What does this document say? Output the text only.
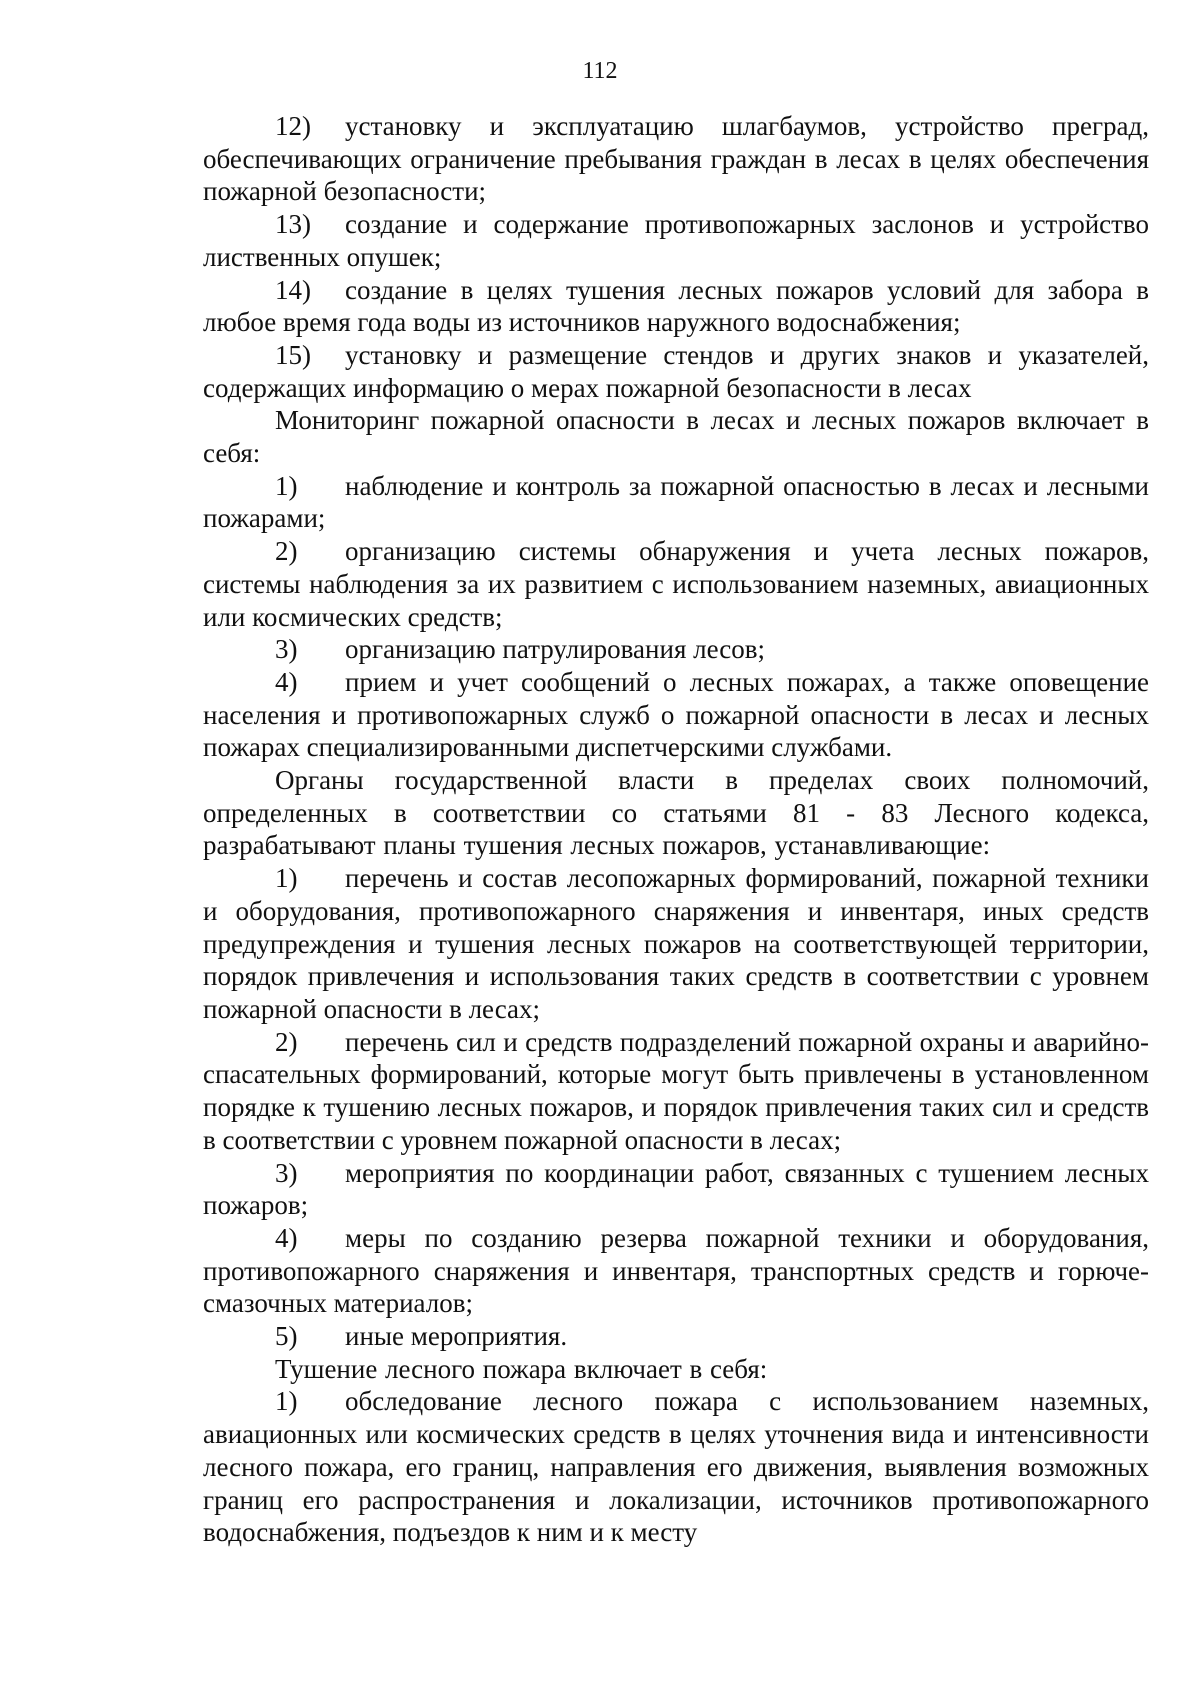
112

12) установку и эксплуатацию шлагбаумов, устройство преград, обеспечивающих ограничение пребывания граждан в лесах в целях обеспечения пожарной безопасности;

13) создание и содержание противопожарных заслонов и устройство лиственных опушек;

14) создание в целях тушения лесных пожаров условий для забора в любое время года воды из источников наружного водоснабжения;

15) установку и размещение стендов и других знаков и указателей, содержащих информацию о мерах пожарной безопасности в лесах

Мониторинг пожарной опасности в лесах и лесных пожаров включает в себя:

1) наблюдение и контроль за пожарной опасностью в лесах и лесными пожарами;

2) организацию системы обнаружения и учета лесных пожаров, системы наблюдения за их развитием с использованием наземных, авиационных или космических средств;

3) организацию патрулирования лесов;

4) прием и учет сообщений о лесных пожарах, а также оповещение населения и противопожарных служб о пожарной опасности в лесах и лесных пожарах специализированными диспетчерскими службами.

Органы государственной власти в пределах своих полномочий, определенных в соответствии со статьями 81 - 83 Лесного кодекса, разрабатывают планы тушения лесных пожаров, устанавливающие:

1) перечень и состав лесопожарных формирований, пожарной техники и оборудования, противопожарного снаряжения и инвентаря, иных средств предупреждения и тушения лесных пожаров на соответствующей территории, порядок привлечения и использования таких средств в соответствии с уровнем пожарной опасности в лесах;

2) перечень сил и средств подразделений пожарной охраны и аварийно-спасательных формирований, которые могут быть привлечены в установленном порядке к тушению лесных пожаров, и порядок привлечения таких сил и средств в соответствии с уровнем пожарной опасности в лесах;

3) мероприятия по координации работ, связанных с тушением лесных пожаров;

4) меры по созданию резерва пожарной техники и оборудования, противопожарного снаряжения и инвентаря, транспортных средств и горюче-смазочных материалов;

5) иные мероприятия.

Тушение лесного пожара включает в себя:

1) обследование лесного пожара с использованием наземных, авиационных или космических средств в целях уточнения вида и интенсивности лесного пожара, его границ, направления его движения, выявления возможных границ его распространения и локализации, источников противопожарного водоснабжения, подъездов к ним и к месту
